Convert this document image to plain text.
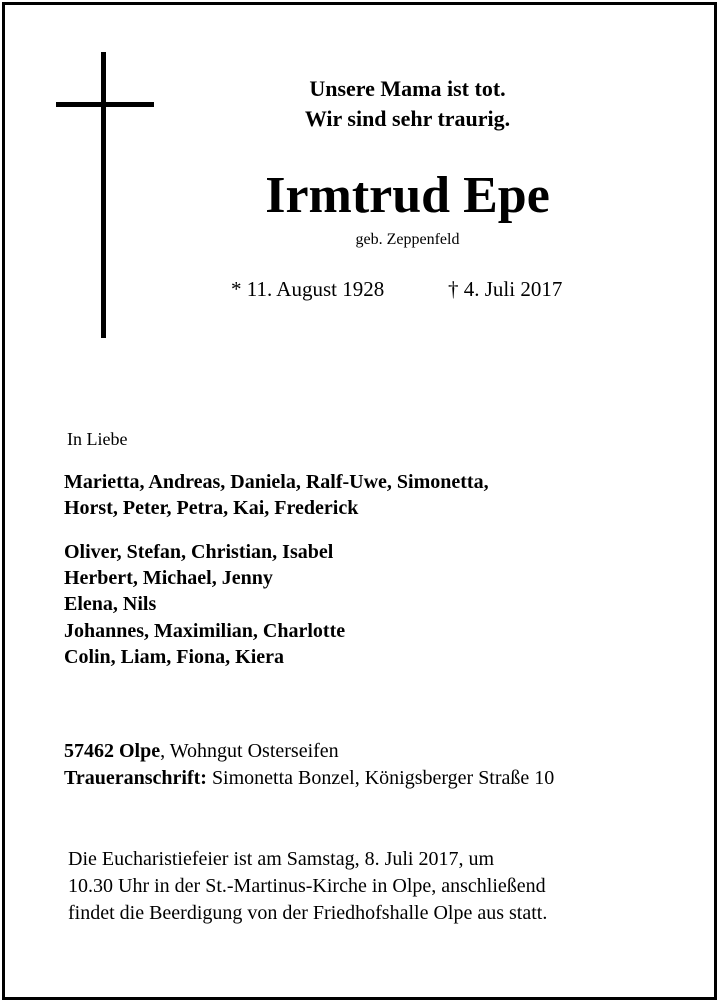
Unsere Mama ist tot.
Wir sind sehr traurig.
Irmtrud Epe
geb. Zeppenfeld
* 11. August 1928	† 4. Juli 2017
In Liebe
Marietta, Andreas, Daniela, Ralf-Uwe, Simonetta,
Horst, Peter, Petra, Kai, Frederick
Oliver, Stefan, Christian, Isabel
Herbert, Michael, Jenny
Elena, Nils
Johannes, Maximilian, Charlotte
Colin, Liam, Fiona, Kiera
57462 Olpe, Wohngut Osterseifen
Traueranschrift: Simonetta Bonzel, Königsberger Straße 10
Die Eucharistiefeier ist am Samstag, 8. Juli 2017, um
10.30 Uhr in der St.-Martinus-Kirche in Olpe, anschließend
findet die Beerdigung von der Friedhofshalle Olpe aus statt.
